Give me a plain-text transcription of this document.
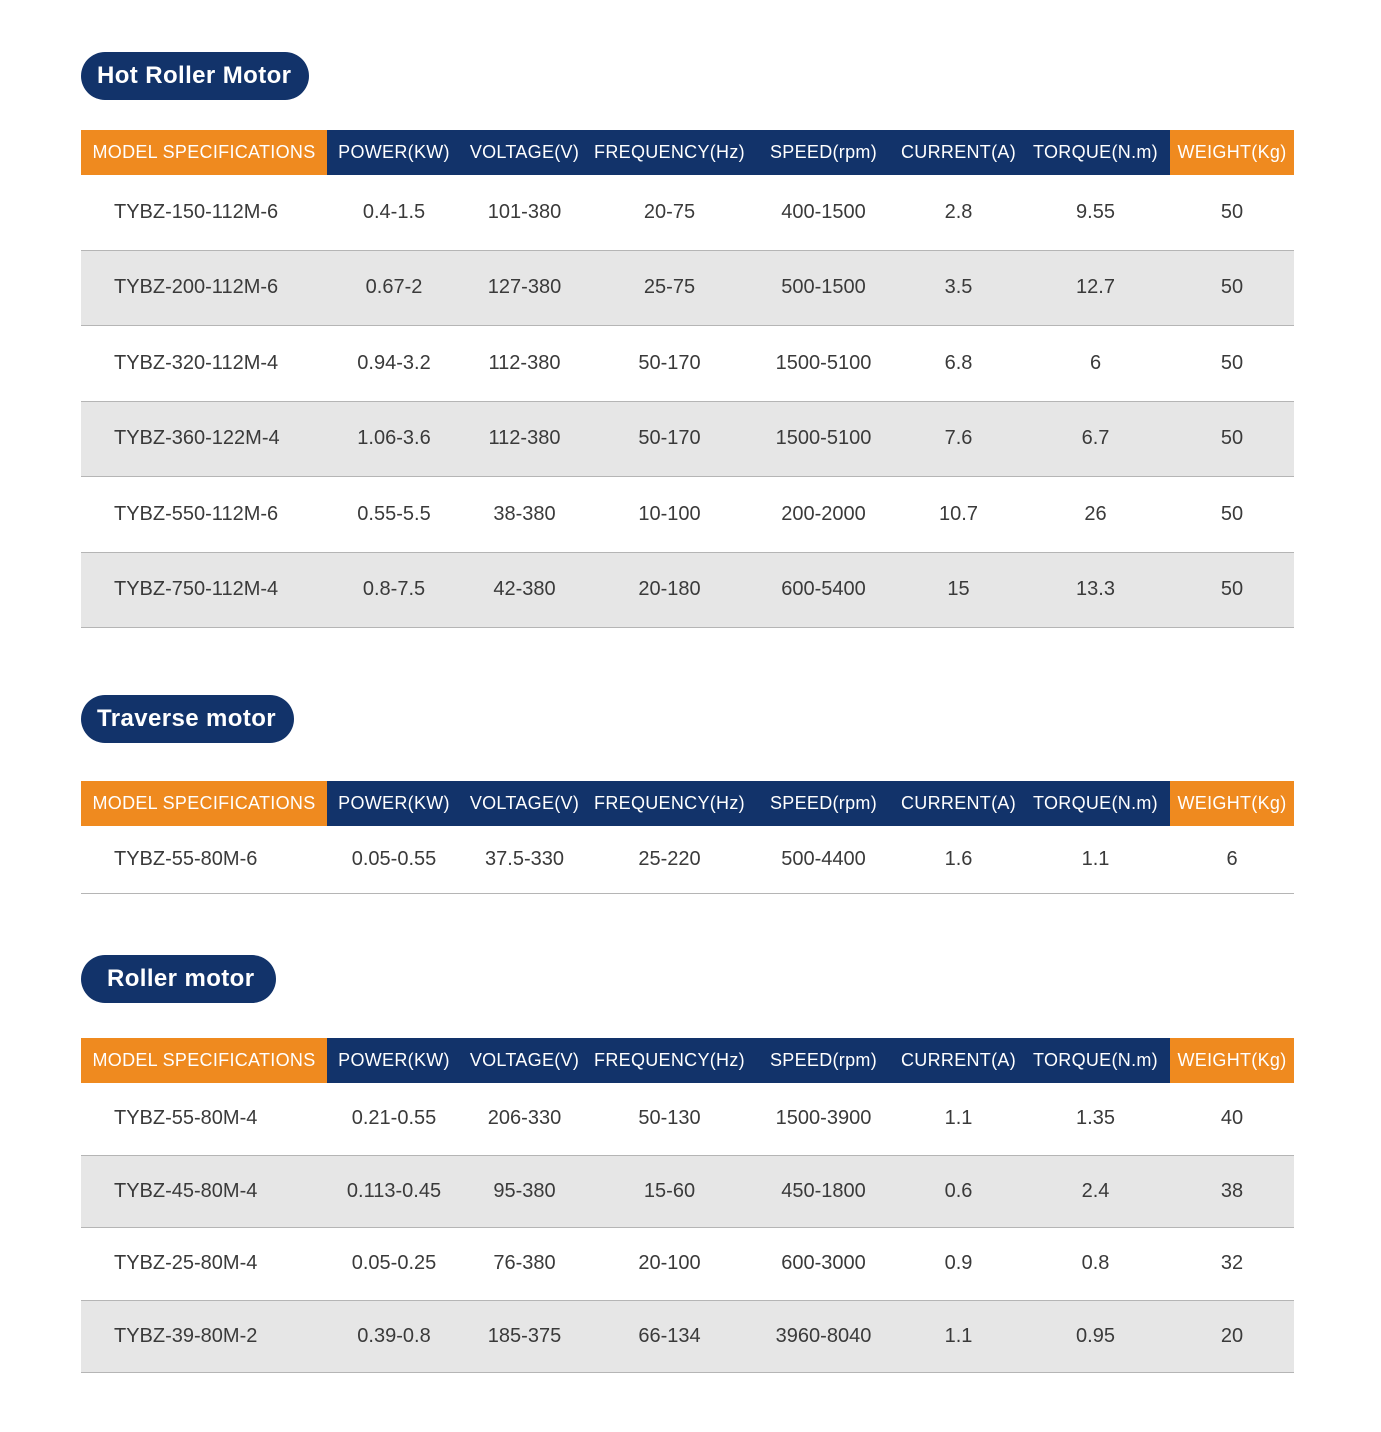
Hot Roller Motor
MODEL SPECIFICATIONS	POWER(KW)	VOLTAGE(V)	FREQUENCY(Hz)	SPEED(rpm)	CURRENT(A)	TORQUE(N.m)	WEIGHT(Kg)
TYBZ-150-112M-6	0.4-1.5	101-380	20-75	400-1500	2.8	9.55	50
TYBZ-200-112M-6	0.67-2	127-380	25-75	500-1500	3.5	12.7	50
TYBZ-320-112M-4	0.94-3.2	112-380	50-170	1500-5100	6.8	6	50
TYBZ-360-122M-4	1.06-3.6	112-380	50-170	1500-5100	7.6	6.7	50
TYBZ-550-112M-6	0.55-5.5	38-380	10-100	200-2000	10.7	26	50
TYBZ-750-112M-4	0.8-7.5	42-380	20-180	600-5400	15	13.3	50
Traverse motor
MODEL SPECIFICATIONS	POWER(KW)	VOLTAGE(V)	FREQUENCY(Hz)	SPEED(rpm)	CURRENT(A)	TORQUE(N.m)	WEIGHT(Kg)
TYBZ-55-80M-6	0.05-0.55	37.5-330	25-220	500-4400	1.6	1.1	6
Roller motor
MODEL SPECIFICATIONS	POWER(KW)	VOLTAGE(V)	FREQUENCY(Hz)	SPEED(rpm)	CURRENT(A)	TORQUE(N.m)	WEIGHT(Kg)
TYBZ-55-80M-4	0.21-0.55	206-330	50-130	1500-3900	1.1	1.35	40
TYBZ-45-80M-4	0.113-0.45	95-380	15-60	450-1800	0.6	2.4	38
TYBZ-25-80M-4	0.05-0.25	76-380	20-100	600-3000	0.9	0.8	32
TYBZ-39-80M-2	0.39-0.8	185-375	66-134	3960-8040	1.1	0.95	20
